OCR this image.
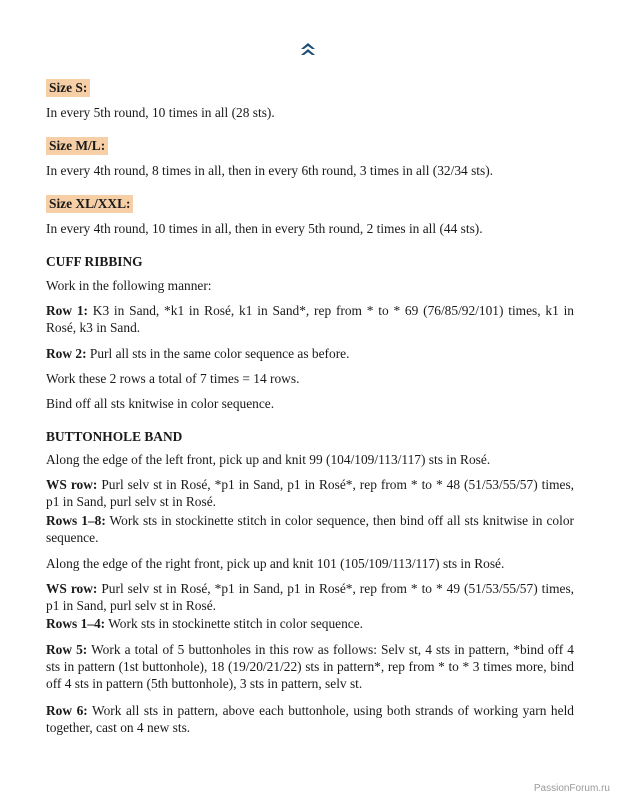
Size S:

In every 5th round, 10 times in all (28 sts).

Size M/L:

In every 4th round, 8 times in all, then in every 6th round, 3 times in all (32/34 sts).

Size XL/XXL:

In every 4th round, 10 times in all, then in every 5th round, 2 times in all (44 sts).

CUFF RIBBING

Work in the following manner:

Row 1: K3 in Sand, *k1 in Rosé, k1 in Sand*, rep from * to * 69 (76/85/92/101) times, k1 in Rosé, k3 in Sand.

Row 2: Purl all sts in the same color sequence as before.

Work these 2 rows a total of 7 times = 14 rows.

Bind off all sts knitwise in color sequence.

BUTTONHOLE BAND

Along the edge of the left front, pick up and knit 99 (104/109/113/117) sts in Rosé.

WS row: Purl selv st in Rosé, *p1 in Sand, p1 in Rosé*, rep from * to * 48 (51/53/55/57) times, p1 in Sand, purl selv st in Rosé.

Rows 1–8: Work sts in stockinette stitch in color sequence, then bind off all sts knitwise in color sequence.

Along the edge of the right front, pick up and knit 101 (105/109/113/117) sts in Rosé.

WS row: Purl selv st in Rosé, *p1 in Sand, p1 in Rosé*, rep from * to * 49 (51/53/55/57) times, p1 in Sand, purl selv st in Rosé.

Rows 1–4: Work sts in stockinette stitch in color sequence.

Row 5: Work a total of 5 buttonholes in this row as follows: Selv st, 4 sts in pattern, *bind off 4 sts in pattern (1st buttonhole), 18 (19/20/21/22) sts in pattern*, rep from * to * 3 times more, bind off 4 sts in pattern (5th buttonhole), 3 sts in pattern, selv st.

Row 6: Work all sts in pattern, above each buttonhole, using both strands of working yarn held together, cast on 4 new sts.

PassionForum.ru
